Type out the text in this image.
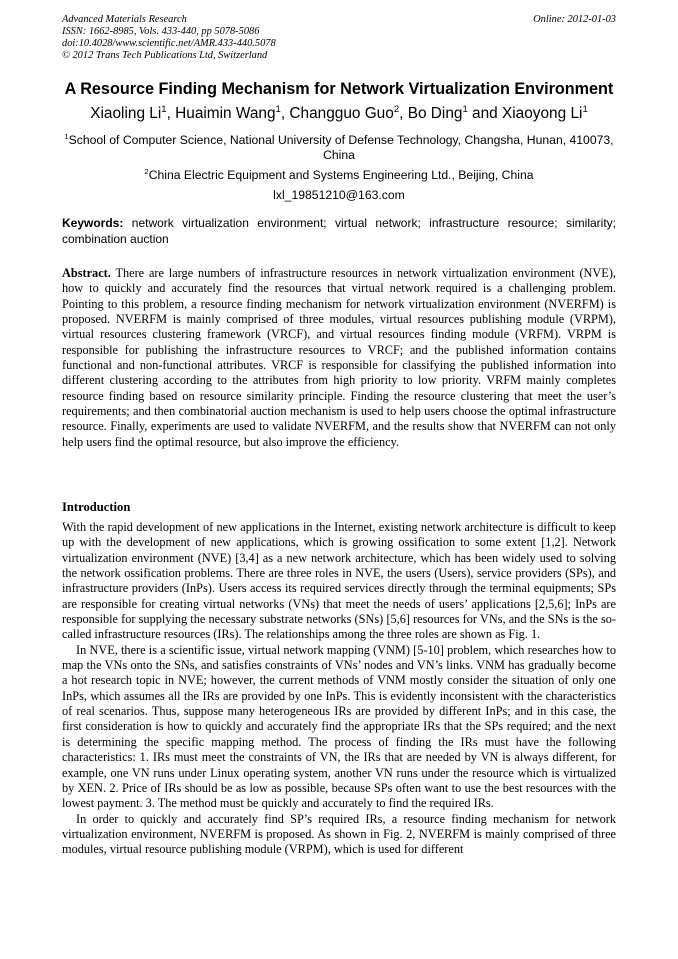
Advanced Materials Research
ISSN: 1662-8985, Vols. 433-440, pp 5078-5086
doi:10.4028/www.scientific.net/AMR.433-440.5078
© 2012 Trans Tech Publications Ltd, Switzerland
Online: 2012-01-03
A Resource Finding Mechanism for Network Virtualization Environment
Xiaoling Li$^1$, Huaimin Wang$^1$, Changguo Guo$^2$, Bo Ding$^1$ and Xiaoyong Li$^1$
$^1$School of Computer Science, National University of Defense Technology, Changsha, Hunan, 410073, China
$^2$China Electric Equipment and Systems Engineering Ltd., Beijing, China
lxl_19851210@163.com
Keywords: network virtualization environment; virtual network; infrastructure resource; similarity; combination auction
Abstract. There are large numbers of infrastructure resources in network virtualization environment (NVE), how to quickly and accurately find the resources that virtual network required is a challenging problem. Pointing to this problem, a resource finding mechanism for network virtualization environment (NVERFM) is proposed. NVERFM is mainly comprised of three modules, virtual resources publishing module (VRPM), virtual resources clustering framework (VRCF), and virtual resources finding module (VRFM). VRPM is responsible for publishing the infrastructure resources to VRCF; and the published information contains functional and non-functional attributes. VRCF is responsible for classifying the published information into different clustering according to the attributes from high priority to low priority. VRFM mainly completes resource finding based on resource similarity principle. Finding the resource clustering that meet the user’s requirements; and then combinatorial auction mechanism is used to help users choose the optimal infrastructure resource. Finally, experiments are used to validate NVERFM, and the results show that NVERFM can not only help users find the optimal resource, but also improve the efficiency.
Introduction

With the rapid development of new applications in the Internet, existing network architecture is difficult to keep up with the development of new applications, which is growing ossification to some extent [1,2]. Network virtualization environment (NVE) [3,4] as a new network architecture, which has been widely used to solving the network ossification problems. There are three roles in NVE, the users (Users), service providers (SPs), and infrastructure providers (InPs). Users access its required services directly through the terminal equipments; SPs are responsible for creating virtual networks (VNs) that meet the needs of users’ applications [2,5,6]; InPs are responsible for supplying the necessary substrate networks (SNs) [5,6] resources for VNs, and the SNs is the so-called infrastructure resources (IRs). The relationships among the three roles are shown as Fig. 1.

In NVE, there is a scientific issue, virtual network mapping (VNM) [5-10] problem, which researches how to map the VNs onto the SNs, and satisfies constraints of VNs’ nodes and VN’s links. VNM has gradually become a hot research topic in NVE; however, the current methods of VNM mostly consider the situation of only one InPs, which assumes all the IRs are provided by one InPs. This is evidently inconsistent with the characteristics of real scenarios. Thus, suppose many heterogeneous IRs are provided by different InPs; and in this case, the first consideration is how to quickly and accurately find the appropriate IRs that the SPs required; and the next is determining the specific mapping method. The process of finding the IRs must have the following characteristics: 1. IRs must meet the constraints of VN, the IRs that are needed by VN is always different, for example, one VN runs under Linux operating system, another VN runs under the resource which is virtualized by XEN. 2. Price of IRs should be as low as possible, because SPs often want to use the best resources with the lowest payment. 3. The method must be quickly and accurately to find the required IRs.

In order to quickly and accurately find SP’s required IRs, a resource finding mechanism for network virtualization environment, NVERFM is proposed. As shown in Fig. 2, NVERFM is mainly comprised of three modules, virtual resource publishing module (VRPM), which is used for different
